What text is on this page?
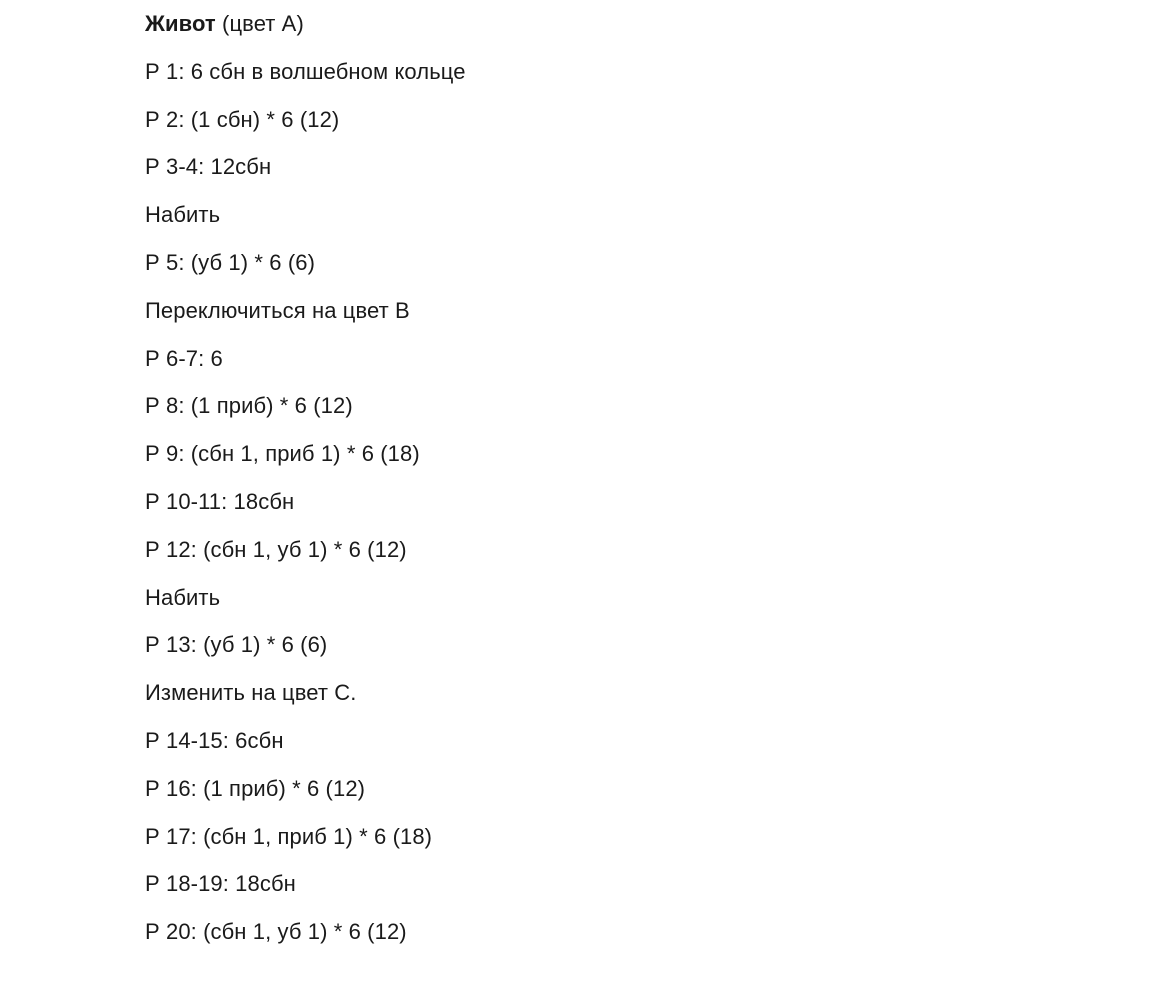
Живот (цвет А)
Р 1: 6 сбн в волшебном кольце
Р 2: (1 сбн) * 6 (12)
Р 3-4: 12сбн
Набить
Р 5: (уб 1) * 6 (6)
Переключиться на цвет В
Р 6-7: 6
Р 8: (1 приб) * 6 (12)
Р 9: (сбн 1, приб 1) * 6 (18)
Р 10-11: 18сбн
Р 12: (сбн 1, уб 1) * 6 (12)
Набить
Р 13: (уб 1) * 6 (6)
Изменить на цвет С.
Р 14-15: 6сбн
Р 16: (1 приб) * 6 (12)
Р 17: (сбн 1, приб 1) * 6 (18)
Р 18-19: 18сбн
Р 20: (сбн 1, уб 1) * 6 (12)
